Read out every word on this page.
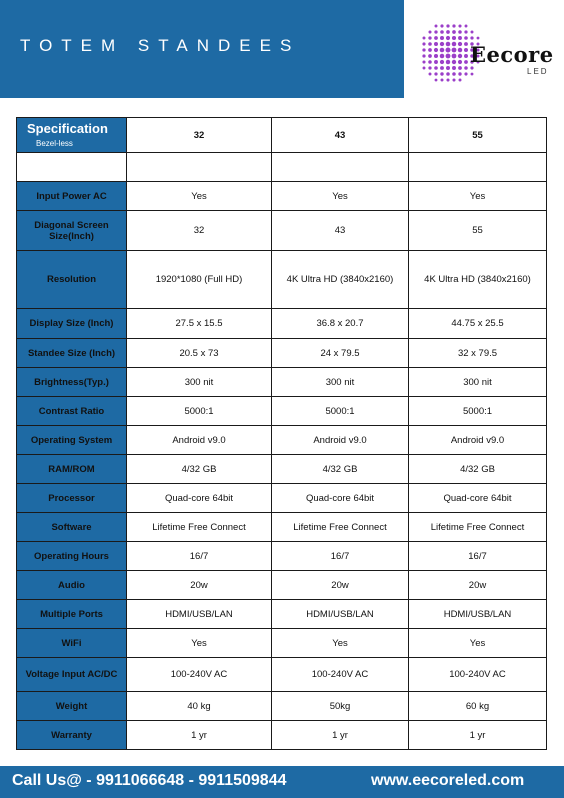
TOTEM STANDEES	Eecore
LED
Specification
Bezel-less	32	43	55

Input Power AC	Yes	Yes	Yes
Diagonal Screen Size(Inch)	32	43	55
Resolution	1920*1080 (Full HD)	4K Ultra HD (3840x2160)	4K Ultra HD (3840x2160)
Display Size (Inch)	27.5 x 15.5	36.8 x 20.7	44.75 x 25.5
Standee Size (Inch)	20.5 x 73	24 x 79.5	32 x 79.5
Brightness(Typ.)	300 nit	300 nit	300 nit
Contrast Ratio	5000:1	5000:1	5000:1
Operating System	Android v9.0	Android v9.0	Android v9.0
RAM/ROM	4/32 GB	4/32 GB	4/32 GB
Processor	Quad-core 64bit	Quad-core 64bit	Quad-core 64bit
Software	Lifetime Free Connect	Lifetime Free Connect	Lifetime Free Connect
Operating Hours	16/7	16/7	16/7
Audio	20w	20w	20w
Multiple Ports	HDMI/USB/LAN	HDMI/USB/LAN	HDMI/USB/LAN
WiFi	Yes	Yes	Yes
Voltage Input AC/DC	100-240V AC	100-240V AC	100-240V AC
Weight	40 kg	50kg	60 kg
Warranty	1 yr	1 yr	1 yr
Call Us@ - 9911066648 - 9911509844	www.eecoreled.com
